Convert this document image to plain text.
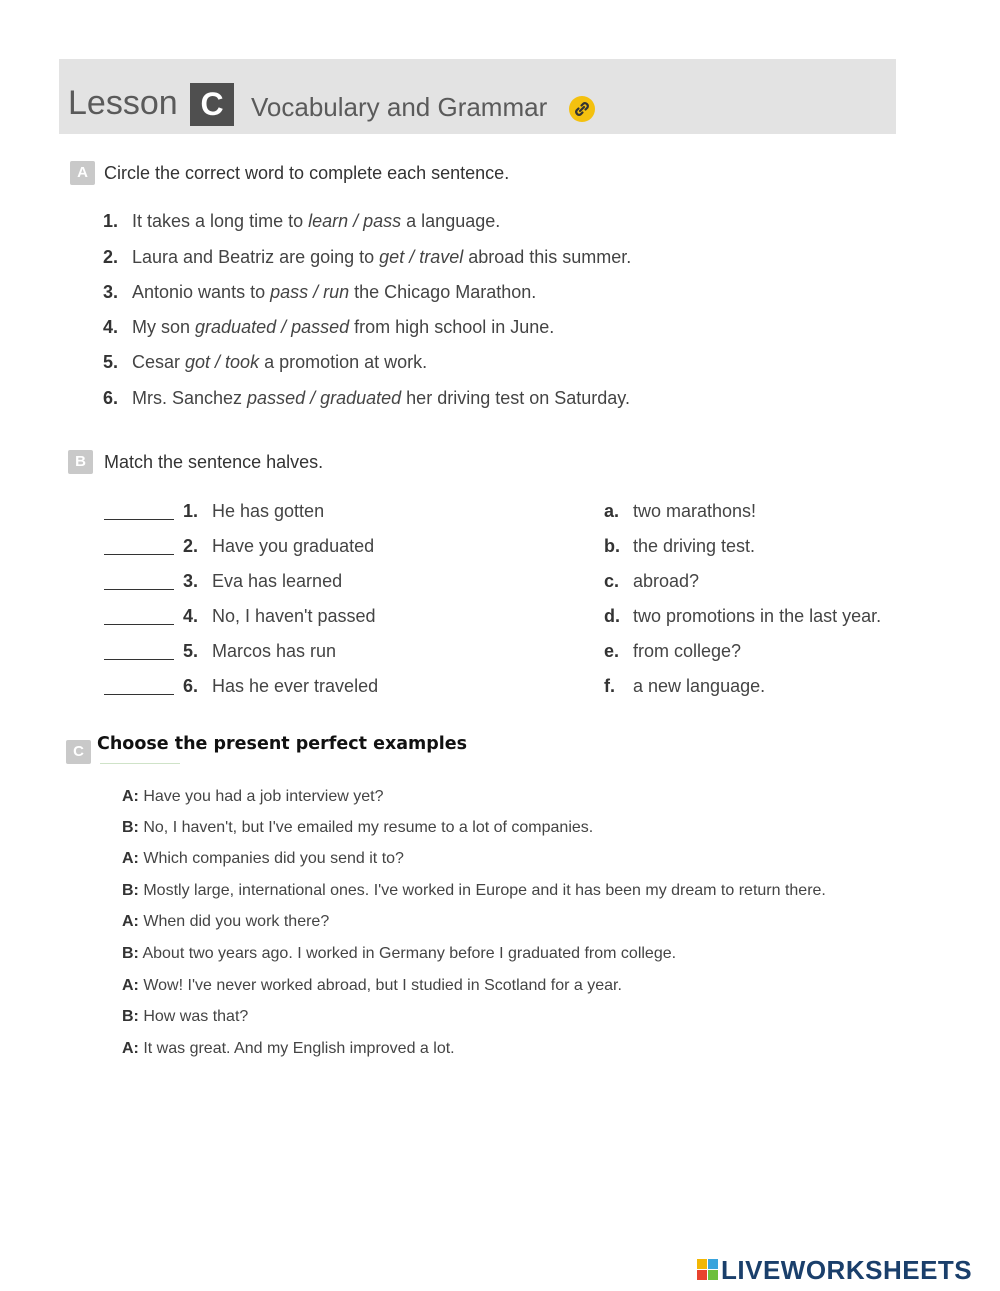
Lesson C	Vocabulary and Grammar
A Circle the correct word to complete each sentence.
1. It takes a long time to learn / pass a language.
2. Laura and Beatriz are going to get / travel abroad this summer.
3. Antonio wants to pass / run the Chicago Marathon.
4. My son graduated / passed from high school in June.
5. Cesar got / took a promotion at work.
6. Mrs. Sanchez passed / graduated her driving test on Saturday.
B	Match the sentence halves.
1. He has gotten
2. Have you graduated
3. Eva has learned
4. No, I haven't passed
5. Marcos has run
6. Has he ever traveled
a. two marathons!
b. the driving test.
c. abroad?
d. two promotions in the last year.
e. from college?
f. a new language.
C Choose the present perfect examples
A: Have you had a job interview yet?
B: No, I haven't, but I've emailed my resume to a lot of companies.
A: Which companies did you send it to?
B: Mostly large, international ones. I've worked in Europe and it has been my dream to return there.
A: When did you work there?
B: About two years ago. I worked in Germany before I graduated from college.
A: Wow! I've never worked abroad, but I studied in Scotland for a year.
B: How was that?
A: It was great. And my English improved a lot.
LIVEWORKSHEETS
